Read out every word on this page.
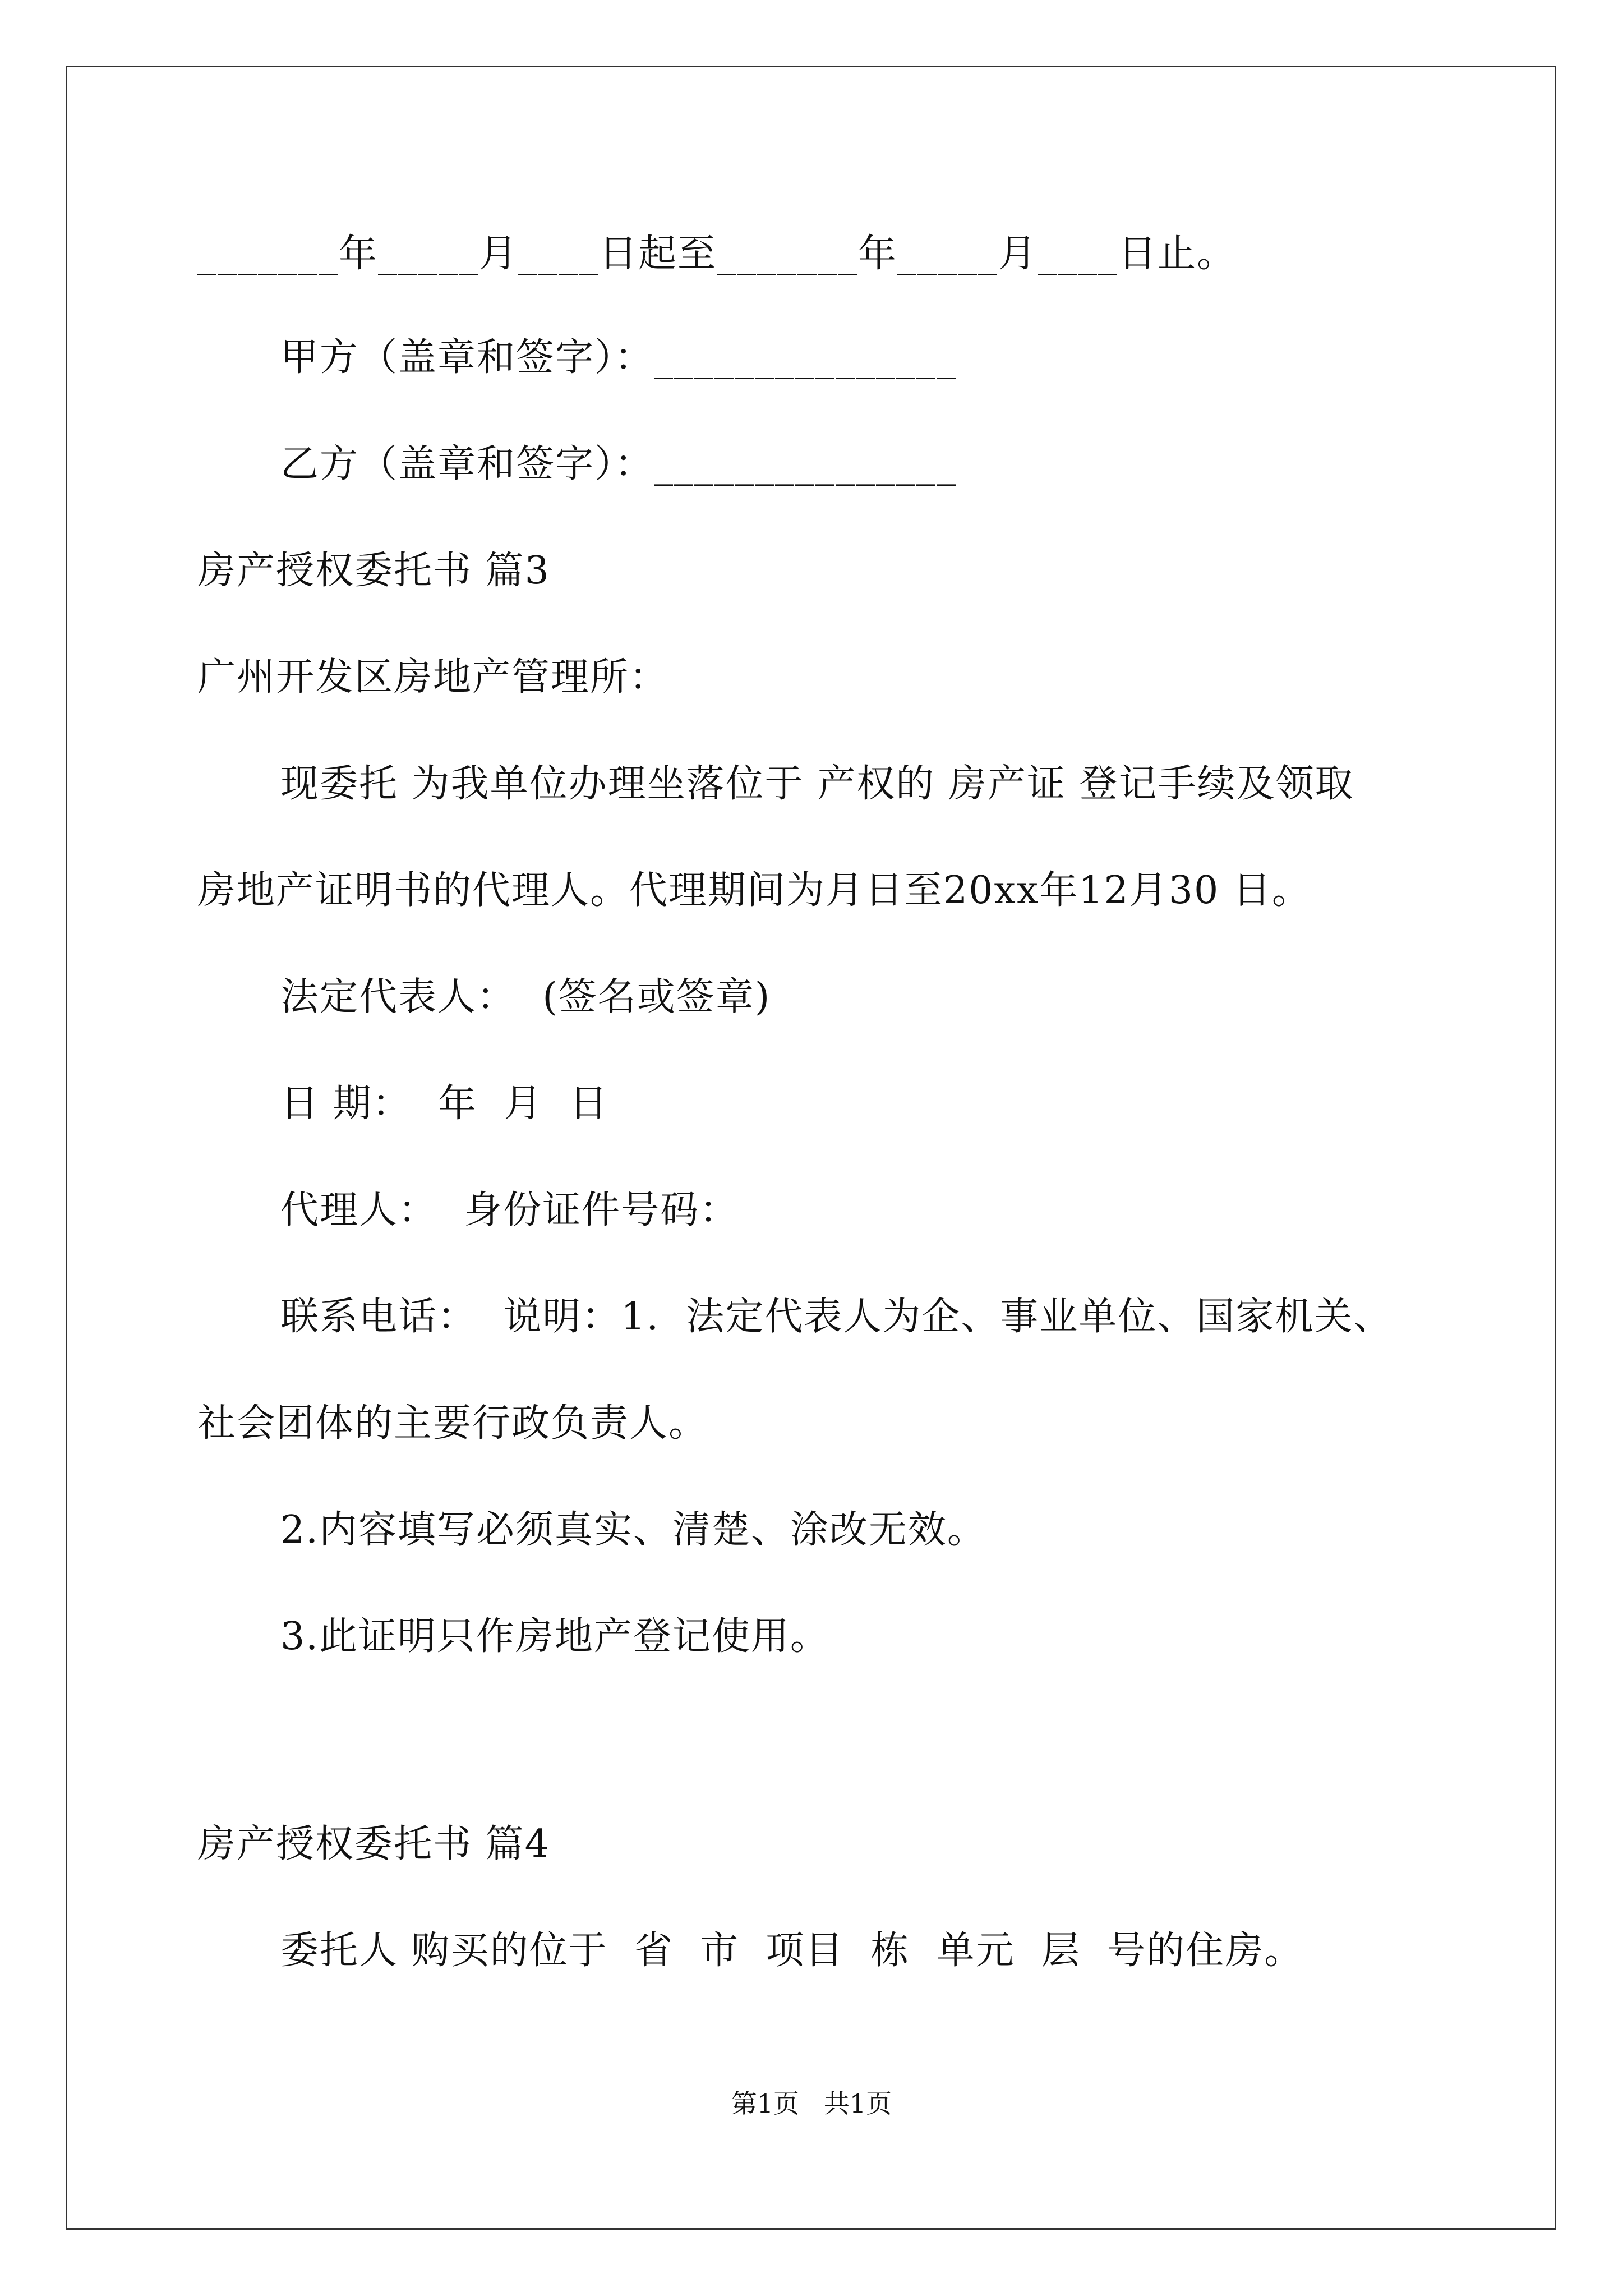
_______年_____月____日起至_______年_____月____日止。
甲方（盖章和签字）：_______________
乙方（盖章和签字）：_______________
房产授权委托书 篇3
广州开发区房地产管理所：
现委托 为我单位办理坐落位于 产权的 房产证 登记手续及领取
房地产证明书的代理人。代理期间为月日至20xx年12月30 日。
法定代表人：  (签名或签章)
日 期：  年  月  日
代理人：  身份证件号码：
联系电话：  说明：1.  法定代表人为企、事业单位、国家机关、
社会团体的主要行政负责人。
2.内容填写必须真实、清楚、涂改无效。
3.此证明只作房地产登记使用。
房产授权委托书 篇4
委托人 购买的位于  省  市  项目  栋  单元  层  号的住房。
第1页   共1页
